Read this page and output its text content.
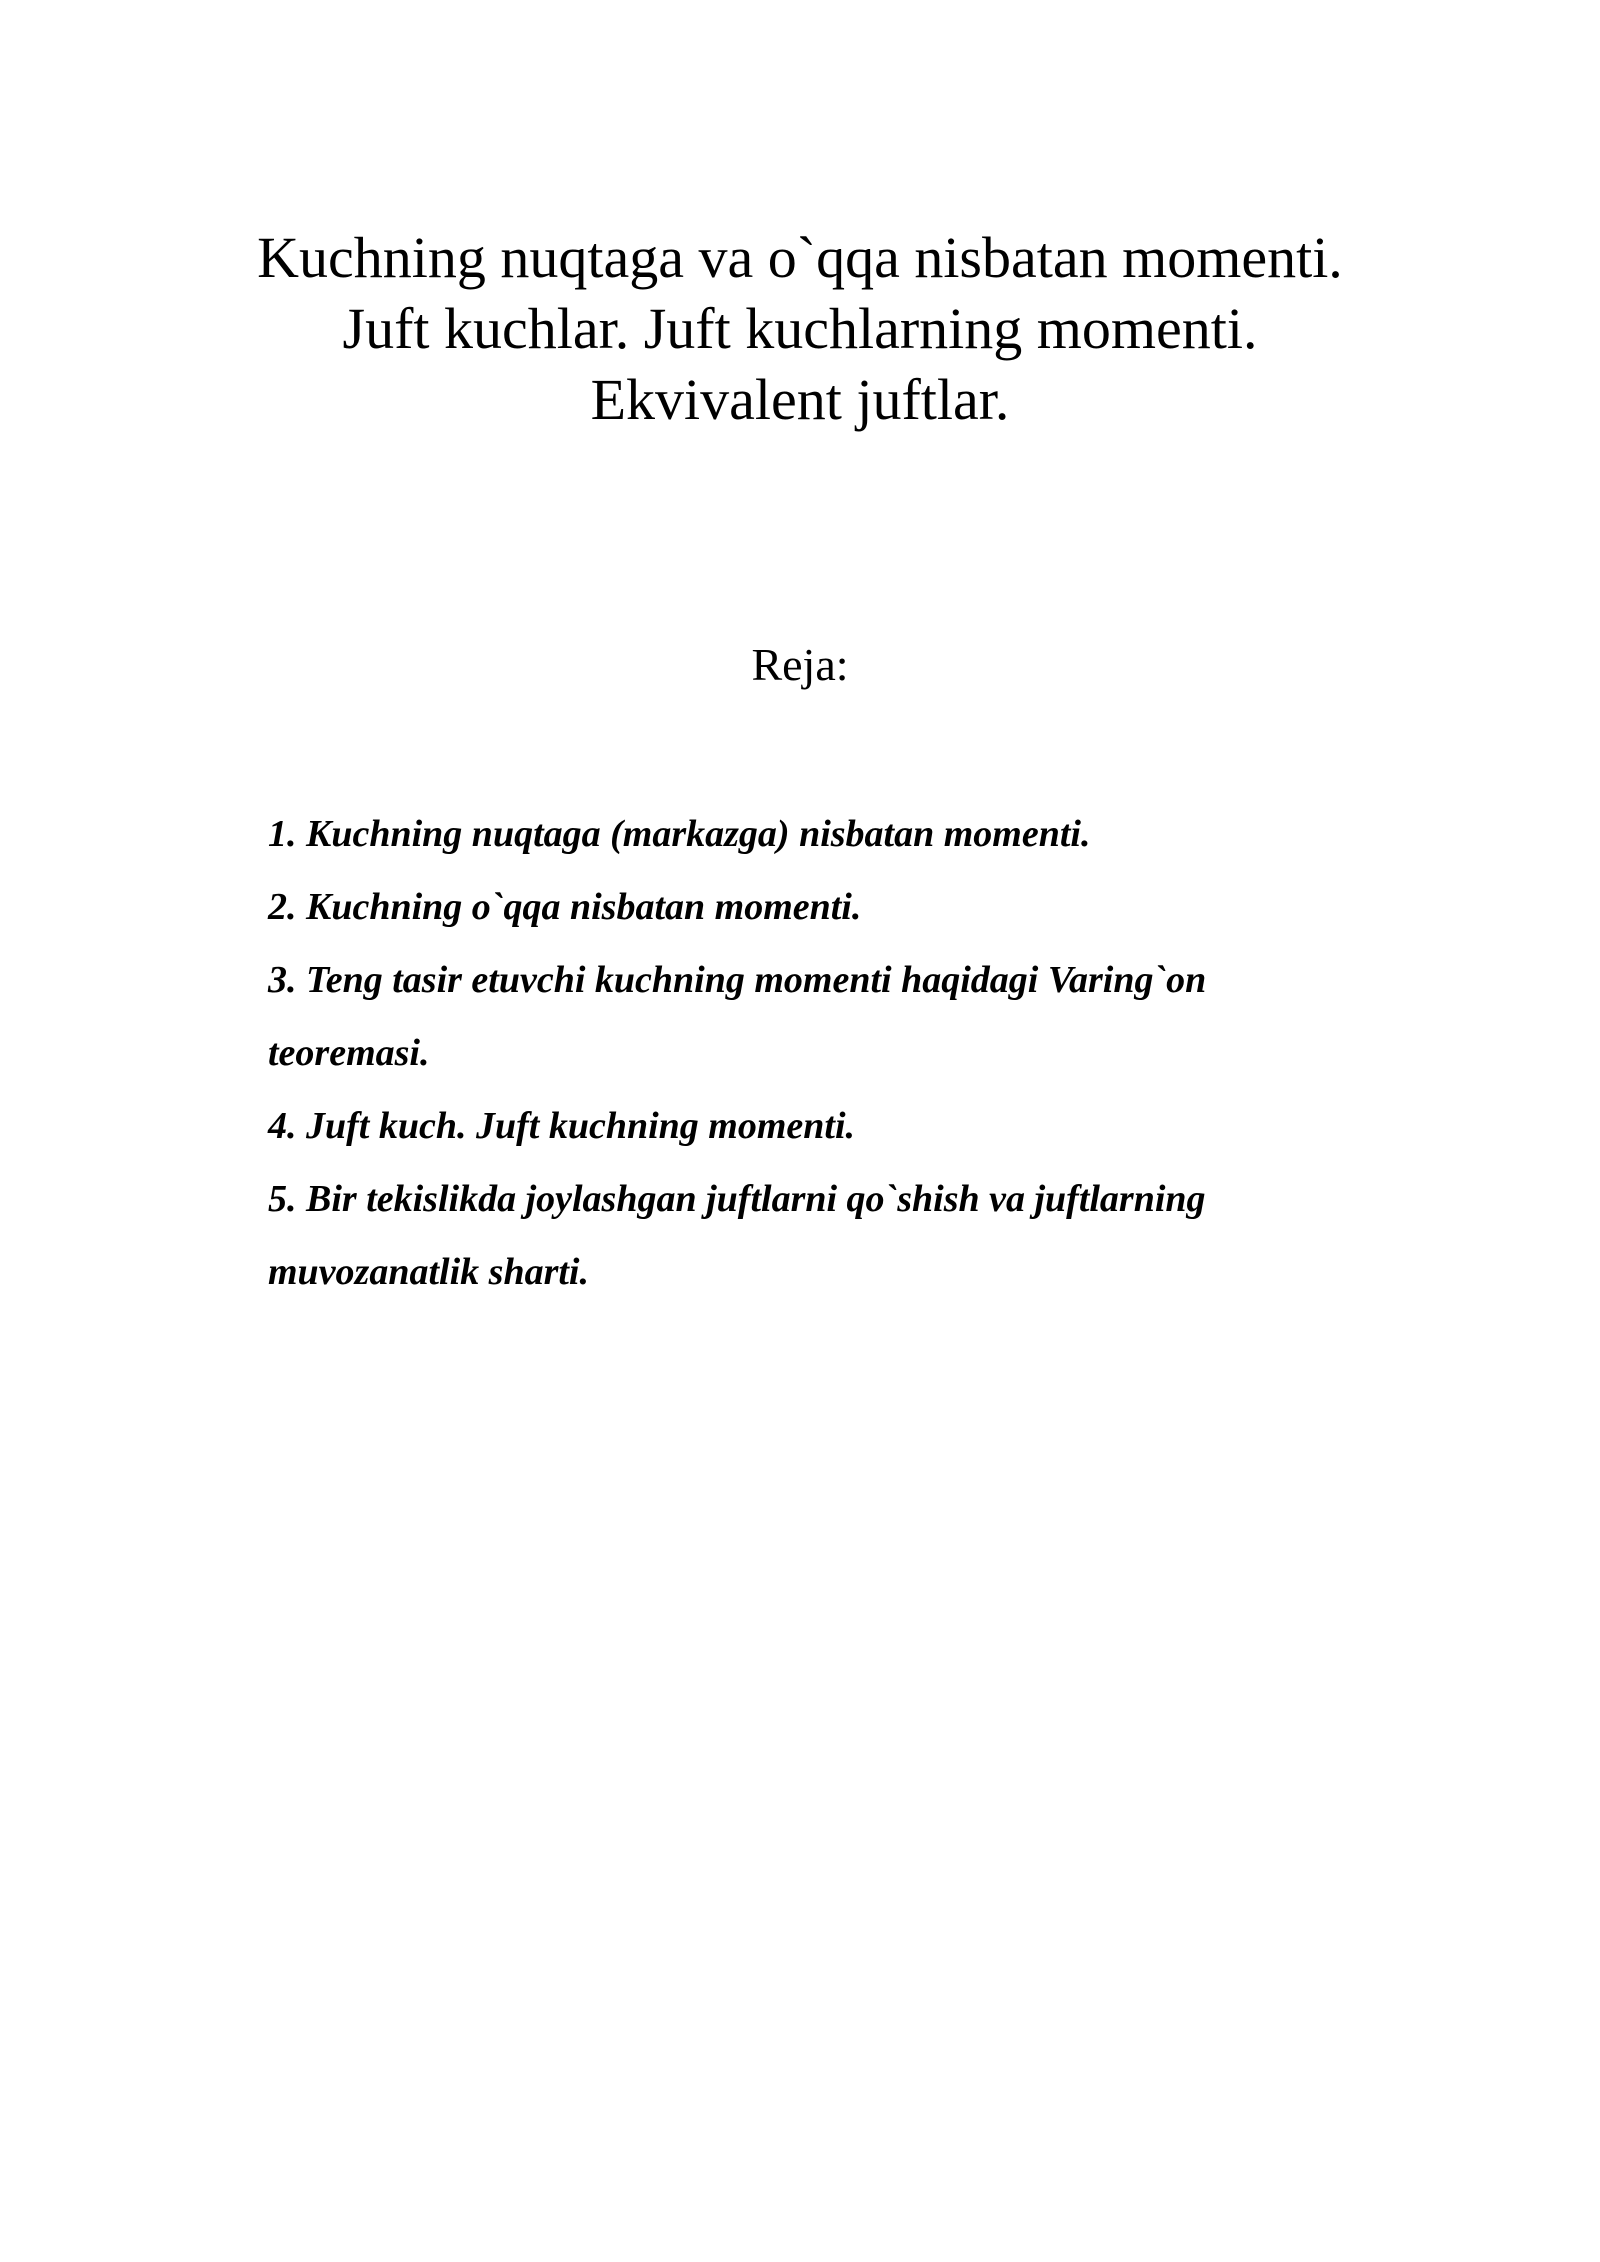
Kuchning nuqtaga va o`qqa nisbatan momenti.
Juft kuchlar. Juft kuchlarning momenti.
Ekvivalent juftlar.
Reja:
1. Kuchning nuqtaga (markazga) nisbatan momenti.
2. Kuchning o`qqa nisbatan momenti.
3. Teng tasir etuvchi kuchning momenti haqidagi Varing`on
teoremasi.
4. Juft kuch. Juft kuchning momenti.
5. Bir tekislikda joylashgan juftlarni qo`shish va juftlarning
muvozanatlik sharti.
